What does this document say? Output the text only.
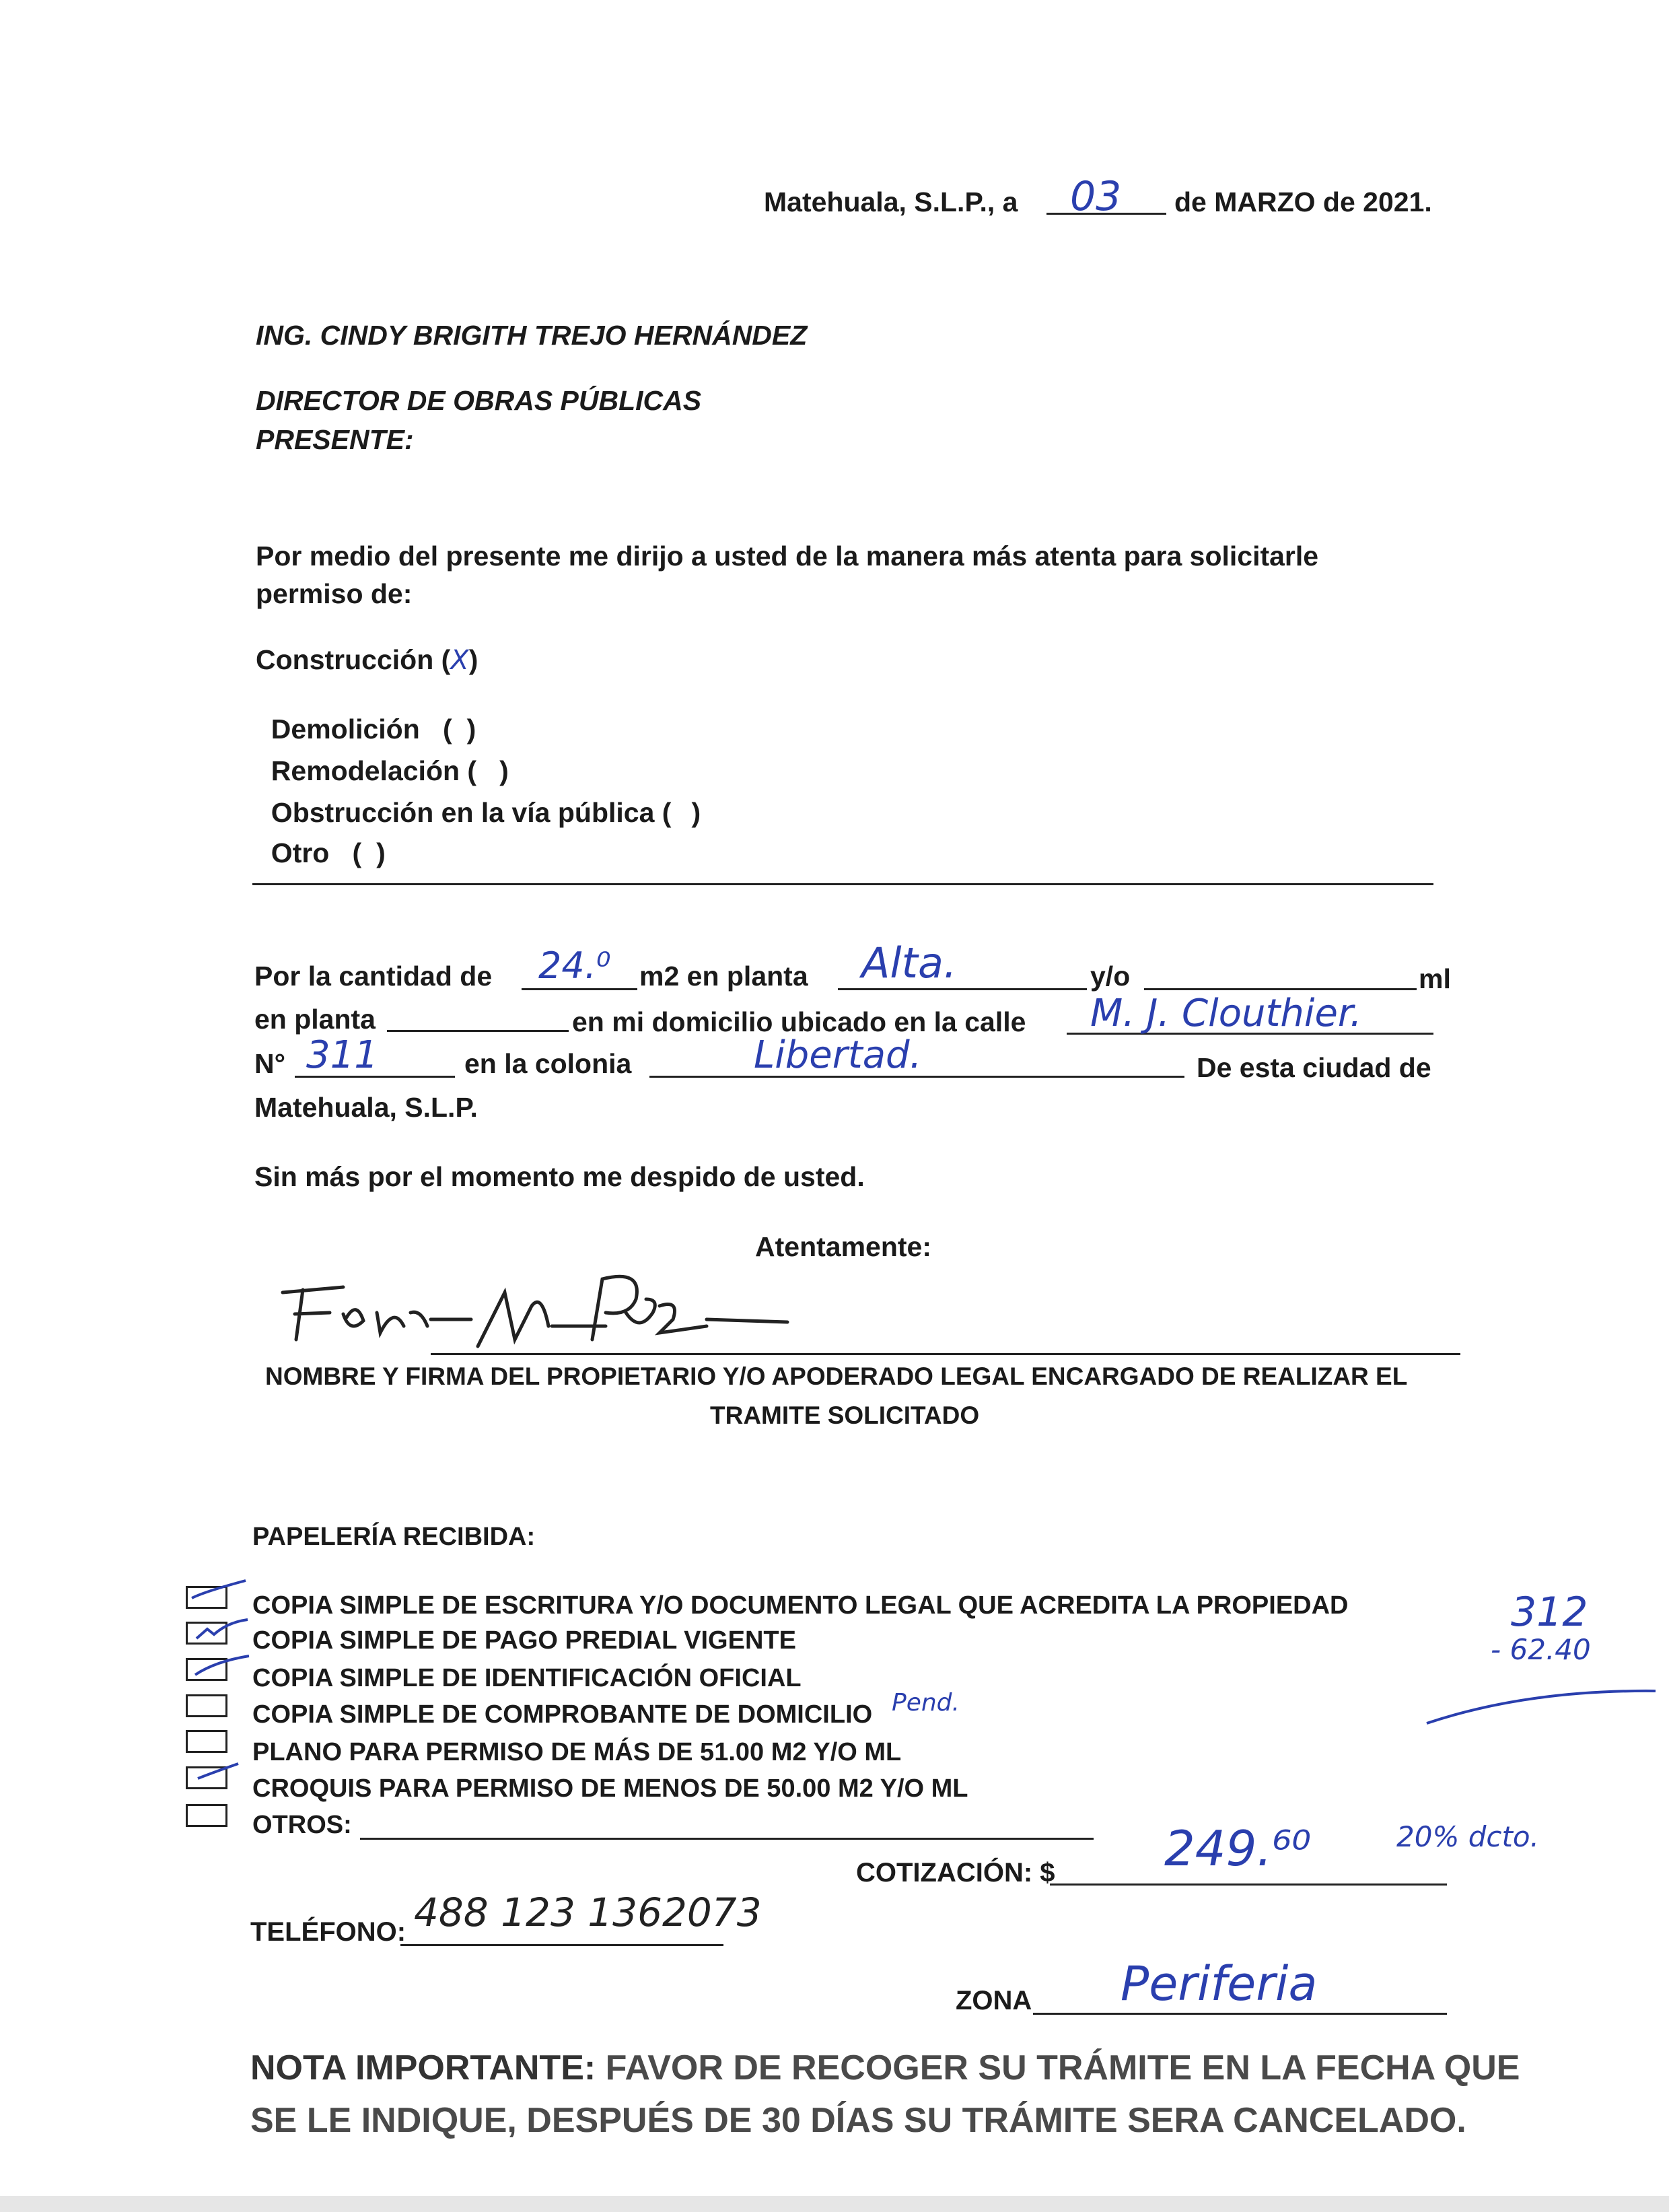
Matehuala, S.L.P., a 03 de MARZO de 2021.
ING. CINDY BRIGITH TREJO HERNÁNDEZ
DIRECTOR DE OBRAS PÚBLICAS
PRESENTE:
Por medio del presente me dirijo a usted de la manera más atenta para solicitarle
permiso de:
Construcción (X)

Demolición   ( )

Remodelación ( )

Obstrucción en la vía pública ( )

Otro   ( )

Por la cantidad de 24.⁰ m2 en planta Alta.	y/o	ml
en planta	en mi domicilio ubicado en la calle M. J. Clouthier.
N° 311	en la colonia	Libertad.	De esta ciudad de
Matehuala, S.L.P.
Sin más por el momento me despido de usted.
Atentamente:
NOMBRE Y FIRMA DEL PROPIETARIO Y/O APODERADO LEGAL ENCARGADO DE REALIZAR EL
TRAMITE SOLICITADO
PAPELERÍA RECIBIDA:
COPIA SIMPLE DE ESCRITURA Y/O DOCUMENTO LEGAL QUE ACREDITA LA PROPIEDAD
COPIA SIMPLE DE PAGO PREDIAL VIGENTE
COPIA SIMPLE DE IDENTIFICACIÓN OFICIAL
COPIA SIMPLE DE COMPROBANTE DE DOMICILIO Pend.
PLANO PARA PERMISO DE MÁS DE 51.00 M2 Y/O ML
CROQUIS PARA PERMISO DE MENOS DE 50.00 M2 Y/O ML
OTROS:
312
- 62.40
COTIZACIÓN: $ 249.⁶⁰	20% dcto.
TELÉFONO: 488 123 1362073
ZONA Periferia
NOTA IMPORTANTE: FAVOR DE RECOGER SU TRÁMITE EN LA FECHA QUE
SE LE INDIQUE, DESPUÉS DE 30 DÍAS SU TRÁMITE SERA CANCELADO.
